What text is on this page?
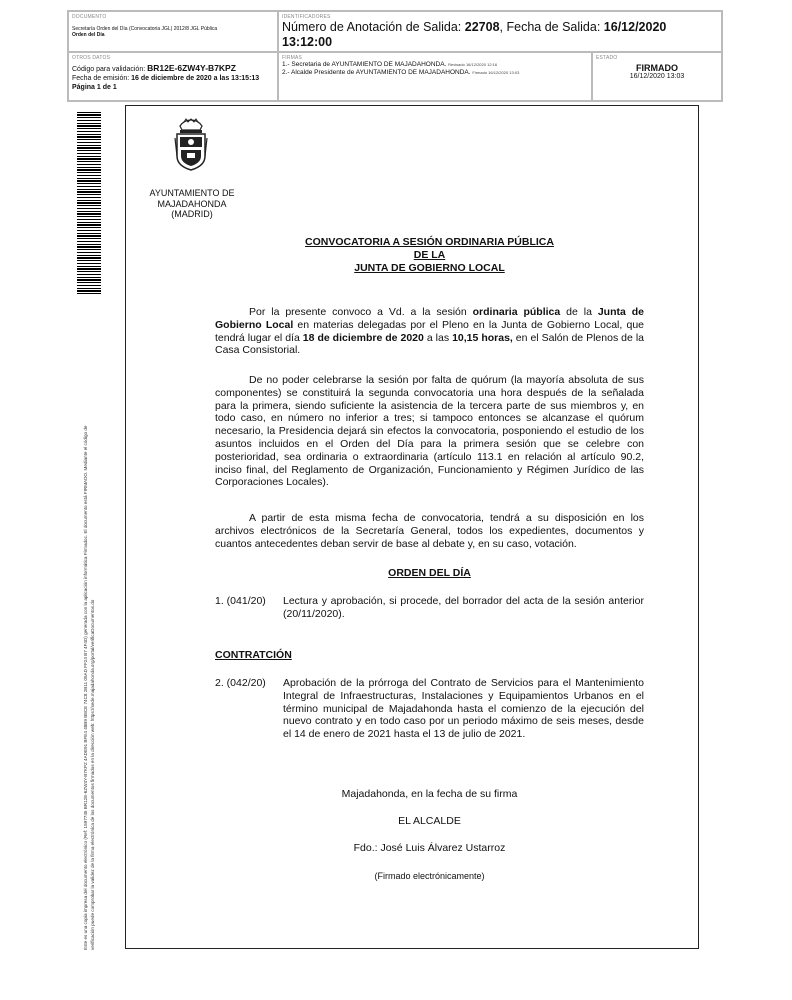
DOCUMENTO
Secretaría Orden del Día (Convocatoria JGL) 2012/8 JGL Pública
Orden del Día
OTROS DATOS
Código para validación: BR12E-6ZW4Y-B7KPZ
Fecha de emisión: 16 de diciembre de 2020 a las 13:15:13
Página 1 de 1
IDENTIFICADORES
Número de Anotación de Salida: 22708, Fecha de Salida: 16/12/2020
13:12:00
FIRMAS
1.- Secretaria de AYUNTAMIENTO DE MAJADAHONDA. Revisado 16/12/2020 12:16
2.- Alcalde Presidente de AYUNTAMIENTO DE MAJADAHONDA. Firmado 16/12/2020 13:03
ESTADO
FIRMADO
16/12/2020 13:03
Este es una copia impresa del documento electrónico (Ref: 1597745 BR12E-6ZW4Y-B7KPZ 4ADE91 BFE4 48B9 B8CE 74C8 2B11 05AD FF24 B7 4F4D) generada con la aplicación informática Firmadoc. El documento está FIRMADO. Mediante el código de verificación puede comprobar la validez de la firma electrónica de los documentos firmados en la dirección web: https://sede.majadahonda.org/portal/verificaDocumentos.do
AYUNTAMIENTO DE
MAJADAHONDA
(MADRID)
CONVOCATORIA A SESIÓN ORDINARIA PÚBLICA
DE LA
JUNTA DE GOBIERNO LOCAL
Por la presente convoco a Vd. a la sesión ordinaria pública de la Junta de Gobierno Local en materias delegadas por el Pleno en la Junta de Gobierno Local, que tendrá lugar el día 18 de diciembre de 2020 a las 10,15 horas, en el Salón de Plenos de la Casa Consistorial.
De no poder celebrarse la sesión por falta de quórum (la mayoría absoluta de sus componentes) se constituirá la segunda convocatoria una hora después de la señalada para la primera, siendo suficiente la asistencia de la tercera parte de sus miembros y, en todo caso, en número no inferior a tres; si tampoco entonces se alcanzase el quórum necesario, la Presidencia dejará sin efectos la convocatoria, posponiendo el estudio de los asuntos incluidos en el Orden del Día para la primera sesión que se celebre con posterioridad, sea ordinaria o extraordinaria (artículo 113.1 en relación al artículo 90.2, inciso final, del Reglamento de Organización, Funcionamiento y Régimen Jurídico de las Corporaciones Locales).
A partir de esta misma fecha de convocatoria, tendrá a su disposición en los archivos electrónicos de la Secretaría General, todos los expedientes, documentos y cuantos antecedentes deban servir de base al debate y, en su caso, votación.
ORDEN DEL DÍA
1. (041/20)	Lectura y aprobación, si procede, del borrador del acta de la sesión anterior (20/11/2020).
CONTRATCIÓN
2. (042/20)	Aprobación de la prórroga del Contrato de Servicios para el Mantenimiento Integral de Infraestructuras, Instalaciones y Equipamientos Urbanos en el término municipal de Majadahonda hasta el comienzo de la ejecución del nuevo contrato y en todo caso por un periodo máximo de seis meses, desde el 14 de enero de 2021 hasta el 13 de julio de 2021.
Majadahonda, en la fecha de su firma
EL ALCALDE
Fdo.: José Luis Álvarez Ustarroz
(Firmado electrónicamente)
